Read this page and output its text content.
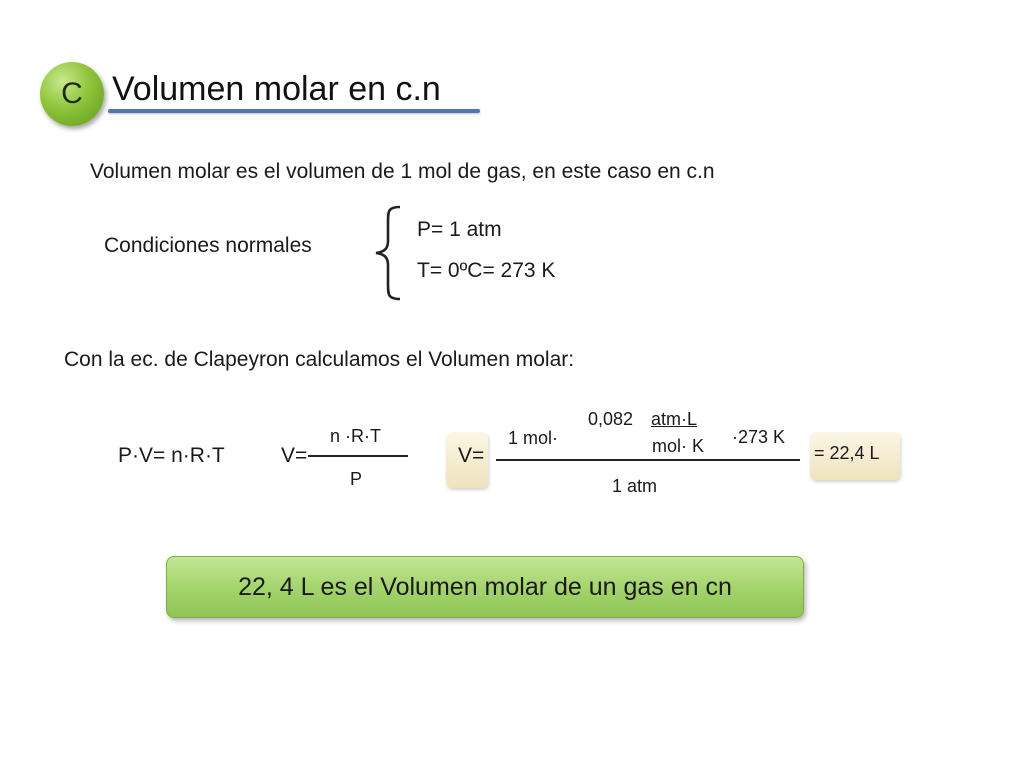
C Volumen molar en c.n
Volumen molar es el volumen de 1 mol de gas, en este caso en c.n
Condiciones normales
P= 1 atm
T= 0ºC= 273 K
Con la ec. de Clapeyron calculamos el Volumen molar:
P·V= n·R·T	V=
n ·R·T
P
V=
1 mol·
0,082 atm·L
mol· K ·273 K
1 atm
= 22,4 L
22, 4 L es el Volumen molar de un gas en cn
